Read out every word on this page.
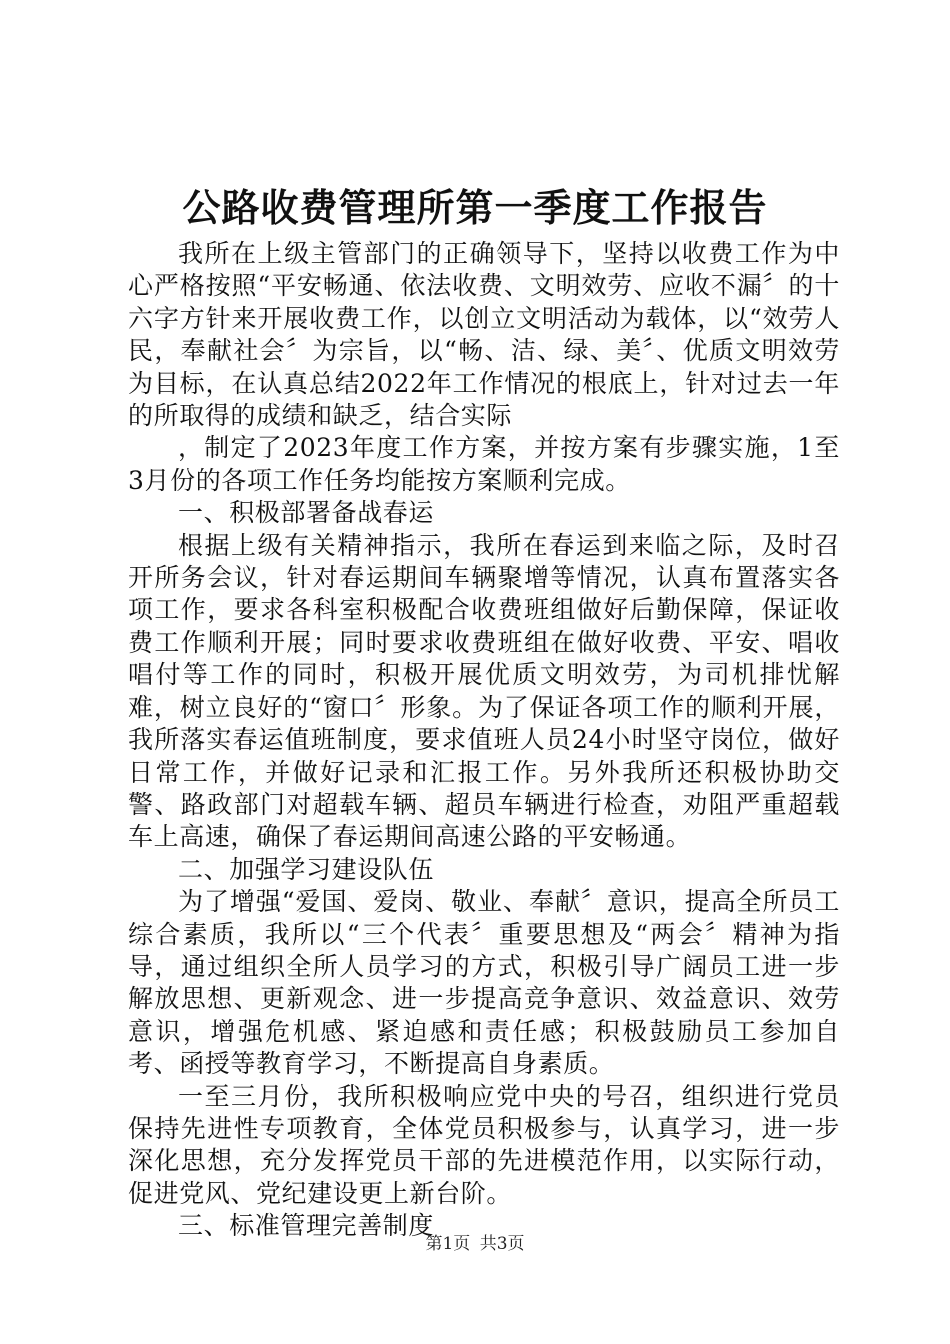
公路收费管理所第一季度工作报告

我所在上级主管部门的正确领导下，坚持以收费工作为中心严格按照“平安畅通、依法收费、文明效劳、应收不漏〞的十六字方针来开展收费工作，以创立文明活动为载体，以“效劳人民，奉献社会〞为宗旨，以“畅、洁、绿、美〞、优质文明效劳为目标，在认真总结2022年工作情况的根底上，针对过去一年的所取得的成绩和缺乏，结合实际

，制定了2023年度工作方案，并按方案有步骤实施，1至3月份的各项工作任务均能按方案顺利完成。

一、积极部署备战春运

根据上级有关精神指示，我所在春运到来临之际，及时召开所务会议，针对春运期间车辆聚增等情况，认真布置落实各项工作，要求各科室积极配合收费班组做好后勤保障，保证收费工作顺利开展；同时要求收费班组在做好收费、平安、唱收唱付等工作的同时，积极开展优质文明效劳，为司机排忧解难，树立良好的“窗口〞形象。为了保证各项工作的顺利开展，我所落实春运值班制度，要求值班人员24小时坚守岗位，做好日常工作，并做好记录和汇报工作。另外我所还积极协助交警、路政部门对超载车辆、超员车辆进行检查，劝阻严重超载车上高速，确保了春运期间高速公路的平安畅通。

二、加强学习建设队伍

为了增强“爱国、爱岗、敬业、奉献〞意识，提高全所员工综合素质，我所以“三个代表〞重要思想及“两会〞精神为指导，通过组织全所人员学习的方式，积极引导广阔员工进一步解放思想、更新观念、进一步提高竞争意识、效益意识、效劳意识，增强危机感、紧迫感和责任感；积极鼓励员工参加自考、函授等教育学习，不断提高自身素质。

一至三月份，我所积极响应党中央的号召，组织进行党员保持先进性专项教育，全体党员积极参与，认真学习，进一步深化思想，充分发挥党员干部的先进模范作用，以实际行动，促进党风、党纪建设更上新台阶。

三、标准管理完善制度

第1页 共3页
